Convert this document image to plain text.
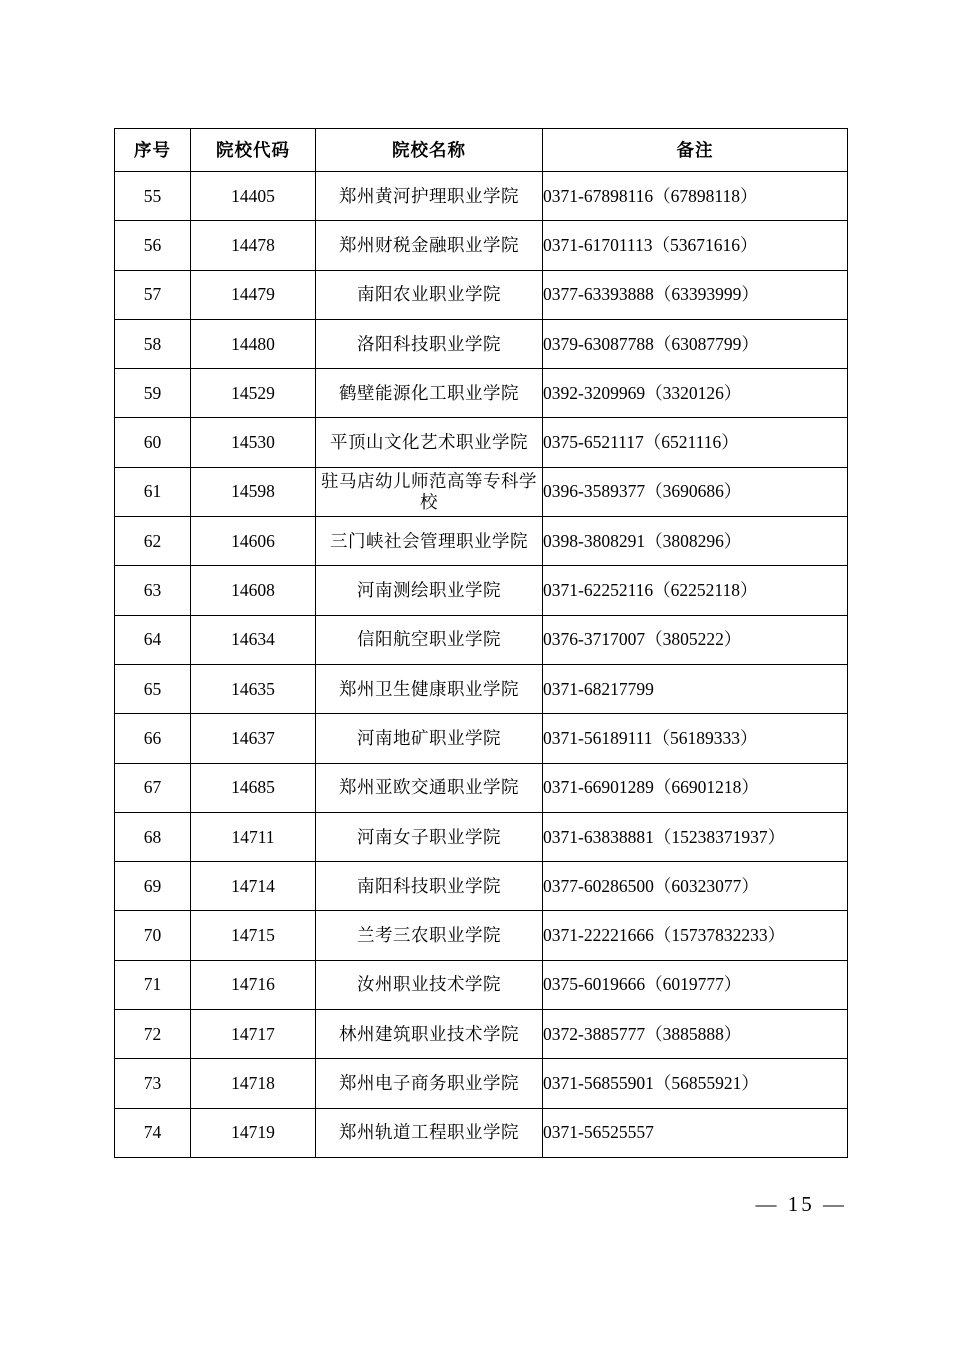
序号	院校代码	院校名称	备注
55	14405	郑州黄河护理职业学院	0371-67898116（67898118）
56	14478	郑州财税金融职业学院	0371-61701113（53671616）
57	14479	南阳农业职业学院	0377-63393888（63393999）
58	14480	洛阳科技职业学院	0379-63087788（63087799）
59	14529	鹤壁能源化工职业学院	0392-3209969（3320126）
60	14530	平顶山文化艺术职业学院	0375-6521117（6521116）
61	14598	驻马店幼儿师范高等专科学校	0396-3589377（3690686）
62	14606	三门峡社会管理职业学院	0398-3808291（3808296）
63	14608	河南测绘职业学院	0371-62252116（62252118）
64	14634	信阳航空职业学院	0376-3717007（3805222）
65	14635	郑州卫生健康职业学院	0371-68217799
66	14637	河南地矿职业学院	0371-56189111（56189333）
67	14685	郑州亚欧交通职业学院	0371-66901289（66901218）
68	14711	河南女子职业学院	0371-63838881（15238371937）
69	14714	南阳科技职业学院	0377-60286500（60323077）
70	14715	兰考三农职业学院	0371-22221666（15737832233）
71	14716	汝州职业技术学院	0375-6019666（6019777）
72	14717	林州建筑职业技术学院	0372-3885777（3885888）
73	14718	郑州电子商务职业学院	0371-56855901（56855921）
74	14719	郑州轨道工程职业学院	0371-56525557
— 15 —
